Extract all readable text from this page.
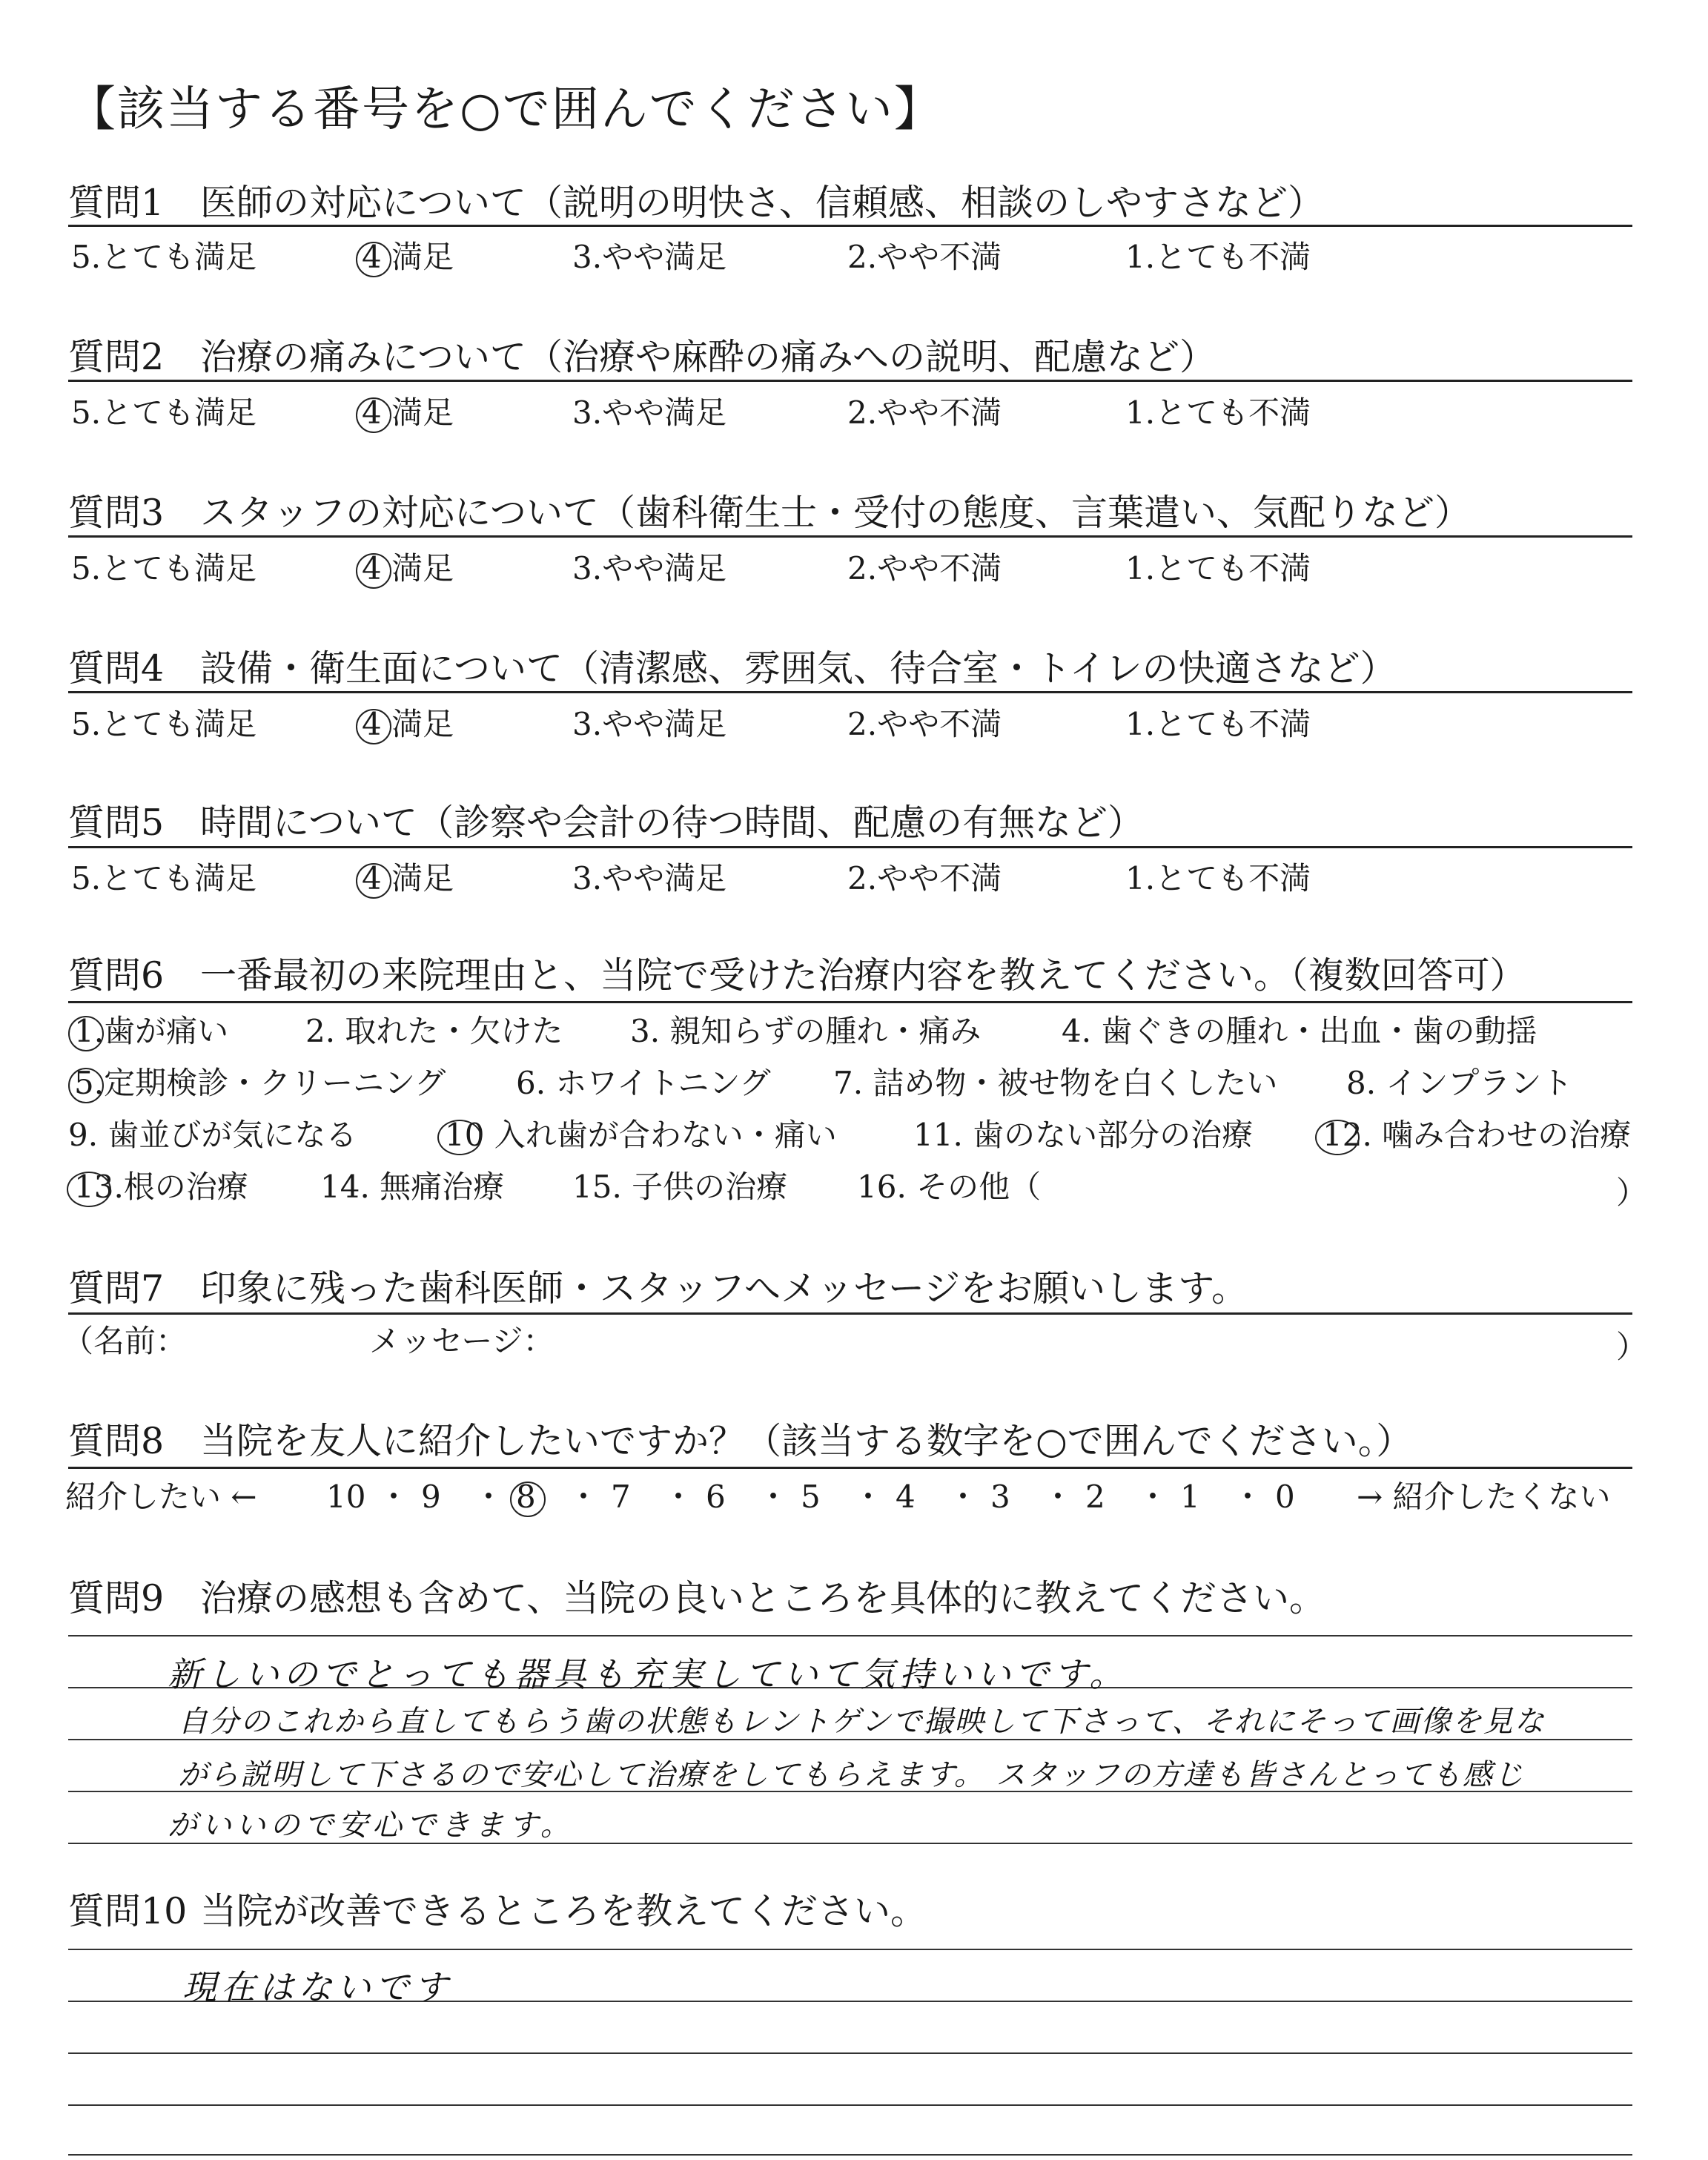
【該当する番号を○で囲んでください】
質問1 医師の対応について（説明の明快さ、信頼感、相談のしやすさなど）
5.とても満足	4 満足	3.やや満足	2.やや不満	1.とても不満
質問2 治療の痛みについて（治療や麻酔の痛みへの説明、配慮など）
5.とても満足	4 満足	3.やや満足	2.やや不満	1.とても不満
質問3 スタッフの対応について（歯科衛生士・受付の態度、言葉遣い、気配りなど）
5.とても満足	4 満足	3.やや満足	2.やや不満	1.とても不満
質問4 設備・衛生面について（清潔感、雰囲気、待合室・トイレの快適さなど）
5.とても満足	4 満足	3.やや満足	2.やや不満	1.とても不満
質問5 時間について（診察や会計の待つ時間、配慮の有無など）
5.とても満足	4 満足	3.やや満足	2.やや不満	1.とても不満
質問6 一番最初の来院理由と、当院で受けた治療内容を教えてください。（複数回答可）
1.歯が痛い 2. 取れた・欠けた 3. 親知らずの腫れ・痛み	4. 歯ぐきの腫れ・出血・歯の動揺
5.定期検診・クリーニング 6. ホワイトニング 7. 詰め物・被せ物を白くしたい 8. インプラント
9. 歯並びが気になる	10 入れ歯が合わない・痛い 11. 歯のない部分の治療 12. 噛み合わせの治療
13.根の治療 14. 無痛治療 15. 子供の治療 16. その他（	）
質問7 印象に残った歯科医師・スタッフへメッセージをお願いします。
（名前：	メッセージ：	）
質問8 当院を友人に紹介したいですか？（該当する数字を○で囲んでください。）
紹介したい ← 10 ・ 9 ・ 8 ・ 7 ・ 6 ・ 5 ・ 4 ・ 3 ・ 2 ・ 1 ・ 0 → 紹介したくない
質問9 治療の感想も含めて、当院の良いところを具体的に教えてください。
新しいのでとっても器具も充実していて気持いいです。
自分のこれから直してもらう歯の状態もレントゲンで撮映して下さって、それにそって画像を見な
がら説明して下さるので安心して治療をしてもらえます。 スタッフの方達も皆さんとっても感じ
がいいので安心できます。
質問10 当院が改善できるところを教えてください。
現在はないです
